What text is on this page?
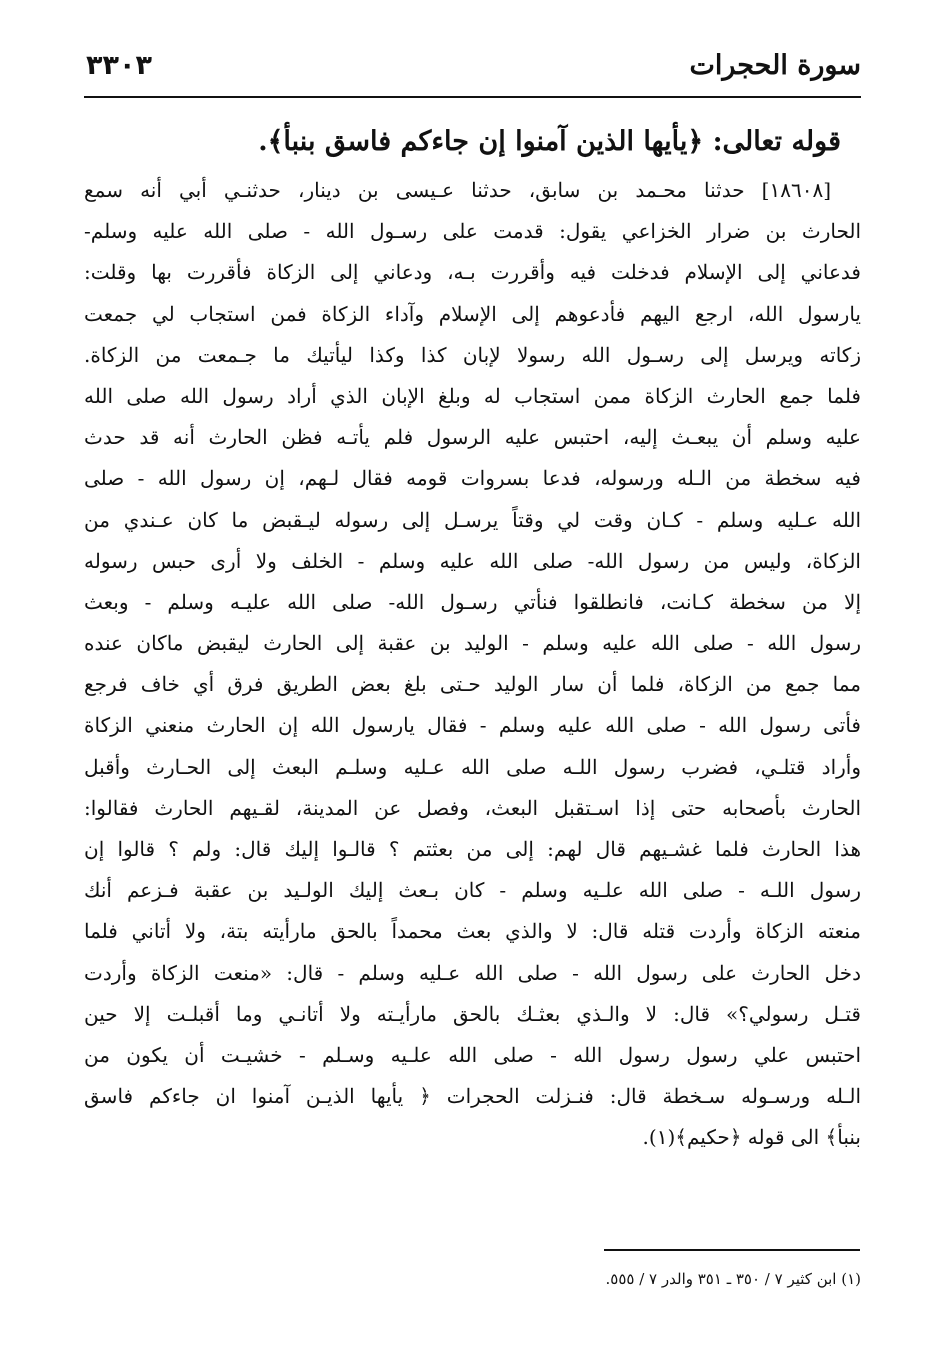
سورة الحجرات
٣٣٠٣
قوله تعالى: ﴿يأيها الذين آمنوا إن جاءكم فاسق بنبأ﴾.
[١٨٦٠٨] حدثنا محـمد بن سابق، حدثنا عـيسى بن دينار، حدثنـي أبي أنه سمع
الحارث بن ضرار الخزاعي يقول: قدمت على رسـول الله - صلى الله عليه وسلم-
فدعاني إلى الإسلام فدخلت فيه وأقررت بـه، ودعاني إلى الزكاة فأقررت بها وقلت:
يارسول الله، ارجع اليهم فأدعوهم إلى الإسلام وآداء الزكاة فمن استجاب لي جمعت
زكاته ويرسل إلى رسـول الله رسولا لإبان كذا وكذا ليأتيك ما جـمعت من الزكاة.
فلما جمع الحارث الزكاة ممن استجاب له وبلغ الإبان الذي أراد رسول الله صلى الله
عليه وسلم أن يبعـث إليه، احتبس عليه الرسول فلم يأتـه فظن الحارث أنه قد حدث
فيه سخطة من الـله ورسوله، فدعا بسروات قومه فقال لـهم، إن رسول الله - صلى
الله عـليه وسلم - كـان وقت لي وقتاً يرسـل إلى رسوله ليـقبض ما كان عـندي من
الزكاة، وليس من رسول الله- صلى الله عليه وسلم - الخلف ولا أرى حبس رسوله
إلا من سخطة كـانت، فانطلقوا فنأتي رسـول الله- صلى الله عليـه وسلم - وبعث
رسول الله - صلى الله عليه وسلم - الوليد بن عقبة إلى الحارث ليقبض ماكان عنده
مما جمع من الزكاة، فلما أن سار الوليد حـتى بلغ بعض الطريق فرق أي خاف فرجع
فأتى رسول الله - صلى الله عليه وسلم - فقال يارسول الله إن الحارث منعني الزكاة
وأراد قتلـي، فضرب رسول اللـه صلى الله عـليه وسلـم البعث إلى الحـارث وأقبل
الحارث بأصحابه حتى إذا اسـتقبل البعث، وفصل عن المدينة، لقـيهم الحارث فقالوا:
هذا الحارث فلما غشـيهم قال لهم: إلى من بعثتم ؟ قالـوا إليك قال: ولم ؟ قالوا إن
رسول اللـه - صلى الله علـيه وسلم - كان بـعث إليك الولـيد بن عقبة فـزعم أنك
منعته الزكاة وأردت قتله قال: لا والذي بعث محمداً بالحق مارأيته بتة، ولا أتاني فلما
دخل الحارث على رسول الله - صلى الله عـليه وسلم - قال: «منعت الزكاة وأردت
قتـل رسولي؟» قال: لا والـذي بعثـك بالحق مارأيـته ولا أتانـي وما أقبلـت إلا حين
احتبس علي رسول رسول الله - صلى الله علـيه وسـلم - خشيـت أن يكون من
الـله ورسـوله سـخطة قال: فنـزلت الحجرات ﴿ يأيها الذيـن آمنوا ان جاءكم فاسق
بنبأ﴾ الى قوله ﴿حكيم﴾(١).
(١) ابن كثير ٧ / ٣٥٠ ـ ٣٥١ والدر ٧ / ٥٥٥.
